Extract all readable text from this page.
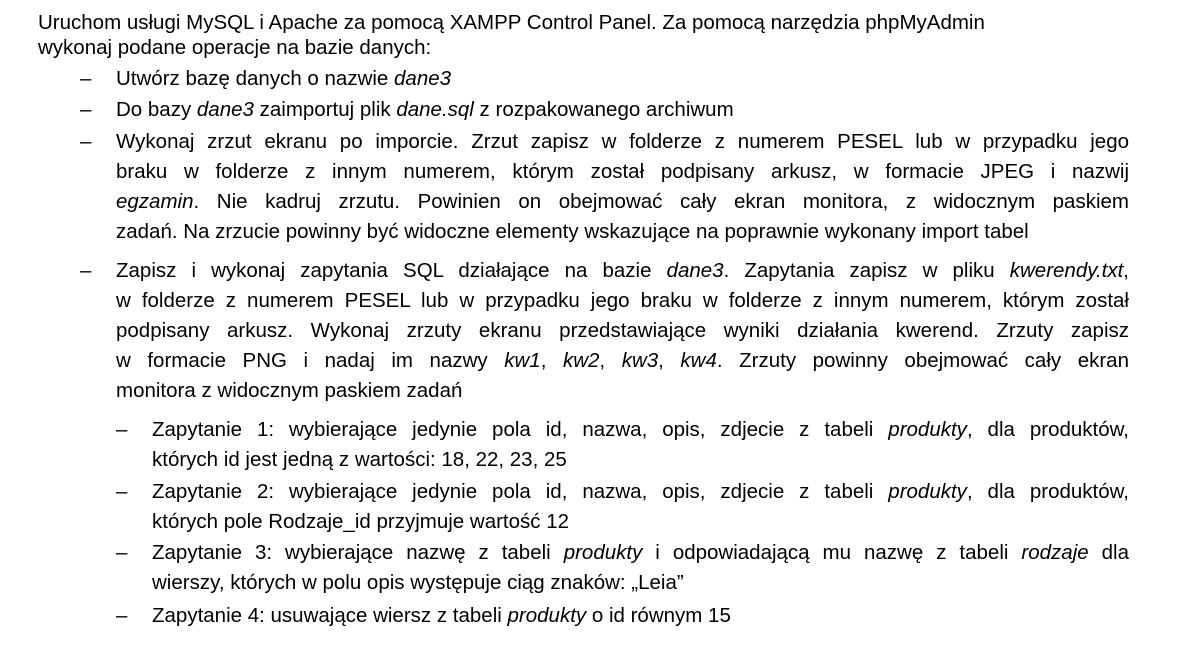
Uruchom usługi MySQL i Apache za pomocą XAMPP Control Panel. Za pomocą narzędzia phpMyAdmin
wykonaj podane operacje na bazie danych:

– Utwórz bazę danych o nazwie dane3

– Do bazy dane3 zaimportuj plik dane.sql z rozpakowanego archiwum

– Wykonaj zrzut ekranu po imporcie. Zrzut zapisz w folderze z numerem PESEL lub w przypadku jego
braku w folderze z innym numerem, którym został podpisany arkusz, w formacie JPEG i nazwij
egzamin. Nie kadruj zrzutu. Powinien on obejmować cały ekran monitora, z widocznym paskiem
zadań. Na zrzucie powinny być widoczne elementy wskazujące na poprawnie wykonany import tabel
– Zapisz i wykonaj zapytania SQL działające na bazie dane3. Zapytania zapisz w pliku kwerendy.txt,
w folderze z numerem PESEL lub w przypadku jego braku w folderze z innym numerem, którym został
podpisany arkusz. Wykonaj zrzuty ekranu przedstawiające wyniki działania kwerend. Zrzuty zapisz
w formacie PNG i nadaj im nazwy kw1, kw2, kw3, kw4. Zrzuty powinny obejmować cały ekran
monitora z widocznym paskiem zadań
– Zapytanie 1: wybierające jedynie pola id, nazwa, opis, zdjecie z tabeli produkty, dla produktów,
których id jest jedną z wartości: 18, 22, 23, 25
– Zapytanie 2: wybierające jedynie pola id, nazwa, opis, zdjecie z tabeli produkty, dla produktów,
których pole Rodzaje_id przyjmuje wartość 12
– Zapytanie 3: wybierające nazwę z tabeli produkty i odpowiadającą mu nazwę z tabeli rodzaje dla
wierszy, których w polu opis występuje ciąg znaków: „Leia”
– Zapytanie 4: usuwające wiersz z tabeli produkty o id równym 15
